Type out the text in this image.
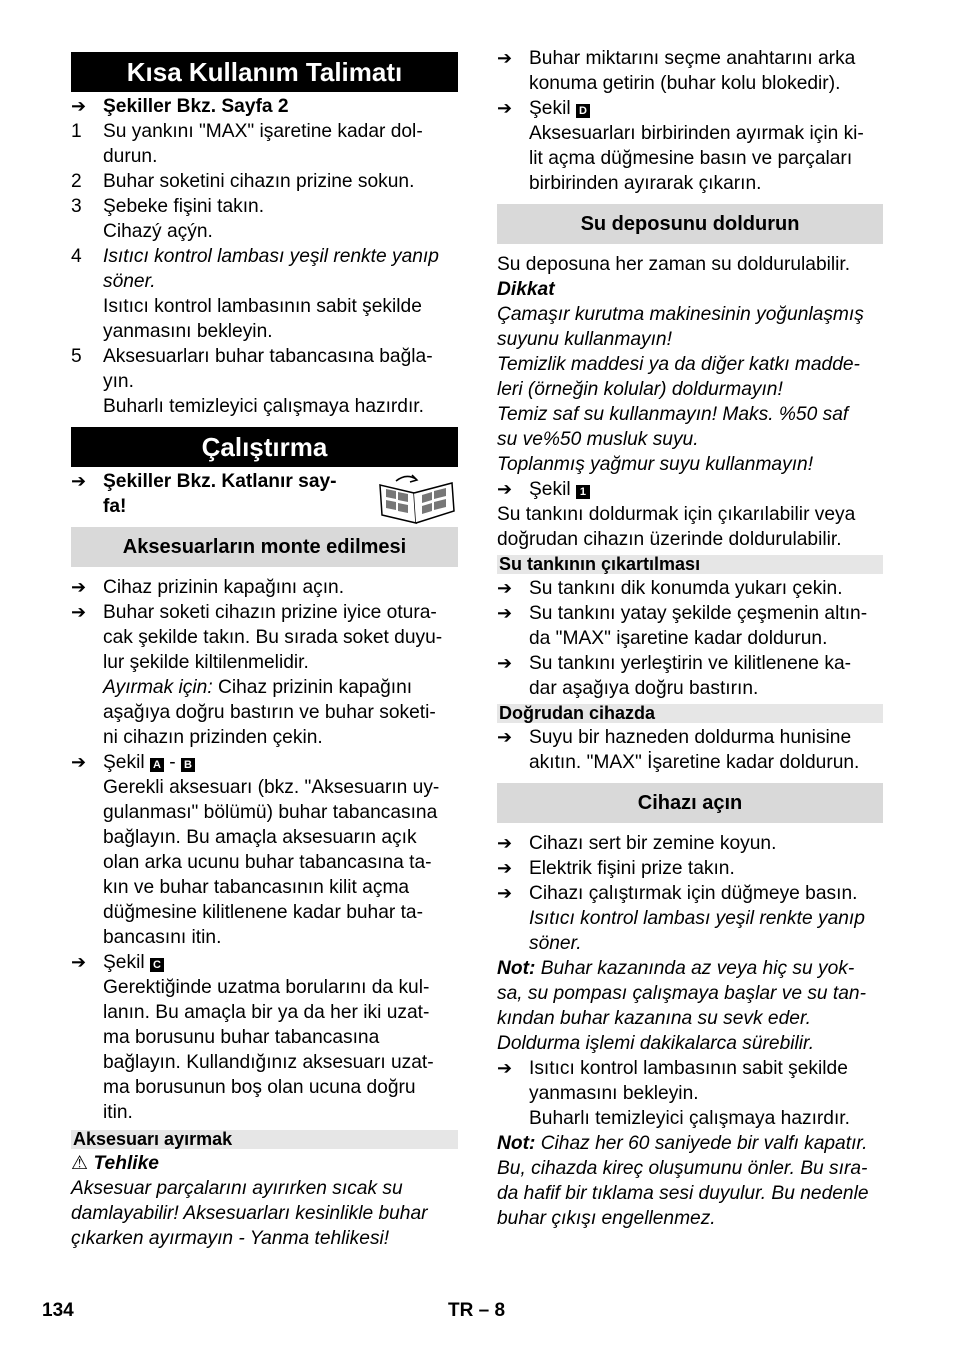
Kısa Kullanım Talimatı
➔ Şekiller Bkz. Sayfa 2
1	Su yankını "MAX" işaretine kadar dol-
durun.
2	Buhar soketini cihazın prizine sokun.
3	Şebeke fişini takın.

Cihazý açýn.

4	Isıtıcı kontrol lambası yeşil renkte yanıp
söner.

Isıtıcı kontrol lambasının sabit şekilde
yanmasını bekleyin.

5	Aksesuarları buhar tabancasına bağla-
yın.

Buharlı temizleyici çalışmaya hazırdır.

Çalıştırma
➔ Şekiller Bkz. Katlanır say-
fa!
Aksesuarların monte edilmesi
➔ Cihaz prizinin kapağını açın.
➔ Buhar soketi cihazın prizine iyice otura-
cak şekilde takın. Bu sırada soket duyu-
lur şekilde kiltilenmelidir.
Ayırmak için: Cihaz prizinin kapağını
aşağıya doğru bastırın ve buhar soketi-
ni cihazın prizinden çekin.
➔ Şekil A - B
Gerekli aksesuarı (bkz. "Aksesuarın uy-
gulanması" bölümü) buhar tabancasına
bağlayın. Bu amaçla aksesuarın açık
olan arka ucunu buhar tabancasına ta-
kın ve buhar tabancasının kilit açma
düğmesine kilitlenene kadar buhar ta-
bancasını itin.
➔ Şekil C
Gerektiğinde uzatma borularını da kul-
lanın. Bu amaçla bir ya da her iki uzat-
ma borusunu buhar tabancasına
bağlayın. Kullandığınız aksesuarı uzat-
ma borusunun boş olan ucuna doğru
itin.
Aksesuarı ayırmak

⚠ Tehlike

Aksesuar parçalarını ayırırken sıcak su
damlayabilir! Aksesuarları kesinlikle buhar
çıkarken ayırmayın - Yanma tehlikesi!

➔ Buhar miktarını seçme anahtarını arka
konuma getirin (buhar kolu blokedir).
➔ Şekil D
Aksesuarları birbirinden ayırmak için ki-
lit açma düğmesine basın ve parçaları
birbirinden ayırarak çıkarın.
Su deposunu doldurun

Su deposuna her zaman su doldurulabilir.

Dikkat

Çamaşır kurutma makinesinin yoğunlaşmış
suyunu kullanmayın!
Temizlik maddesi ya da diğer katkı madde-
leri (örneğin kolular) doldurmayın!
Temiz saf su kullanmayın! Maks. %50 saf
su ve%50 musluk suyu.
Toplanmış yağmur suyu kullanmayın!

➔ Şekil 1

Su tankını doldurmak için çıkarılabilir veya
doğrudan cihazın üzerinde doldurulabilir.

Su tankının çıkartılması
➔ Su tankını dik konumda yukarı çekin.
➔ Su tankını yatay şekilde çeşmenin altın-
da "MAX" işaretine kadar doldurun.
➔ Su tankını yerleştirin ve kilitlenene ka-
dar aşağıya doğru bastırın.
Doğrudan cihazda
➔ Suyu bir hazneden doldurma hunisine
akıtın. "MAX" İşaretine kadar doldurun.
Cihazı açın
➔ Cihazı sert bir zemine koyun.
➔ Elektrik fişini prize takın.
➔ Cihazı çalıştırmak için düğmeye basın.
Isıtıcı kontrol lambası yeşil renkte yanıp
söner.

Not: Buhar kazanında az veya hiç su yok-
sa, su pompası çalışmaya başlar ve su tan-
kından buhar kazanına su sevk eder.
Doldurma işlemi dakikalarca sürebilir.

➔ Isıtıcı kontrol lambasının sabit şekilde
yanmasını bekleyin.

Buharlı temizleyici çalışmaya hazırdır.

Not: Cihaz her 60 saniyede bir valfı kapatır.
Bu, cihazda kireç oluşumunu önler. Bu sıra-
da hafif bir tıklama sesi duyulur. Bu nedenle
buhar çıkışı engellenmez.

134	TR – 8
